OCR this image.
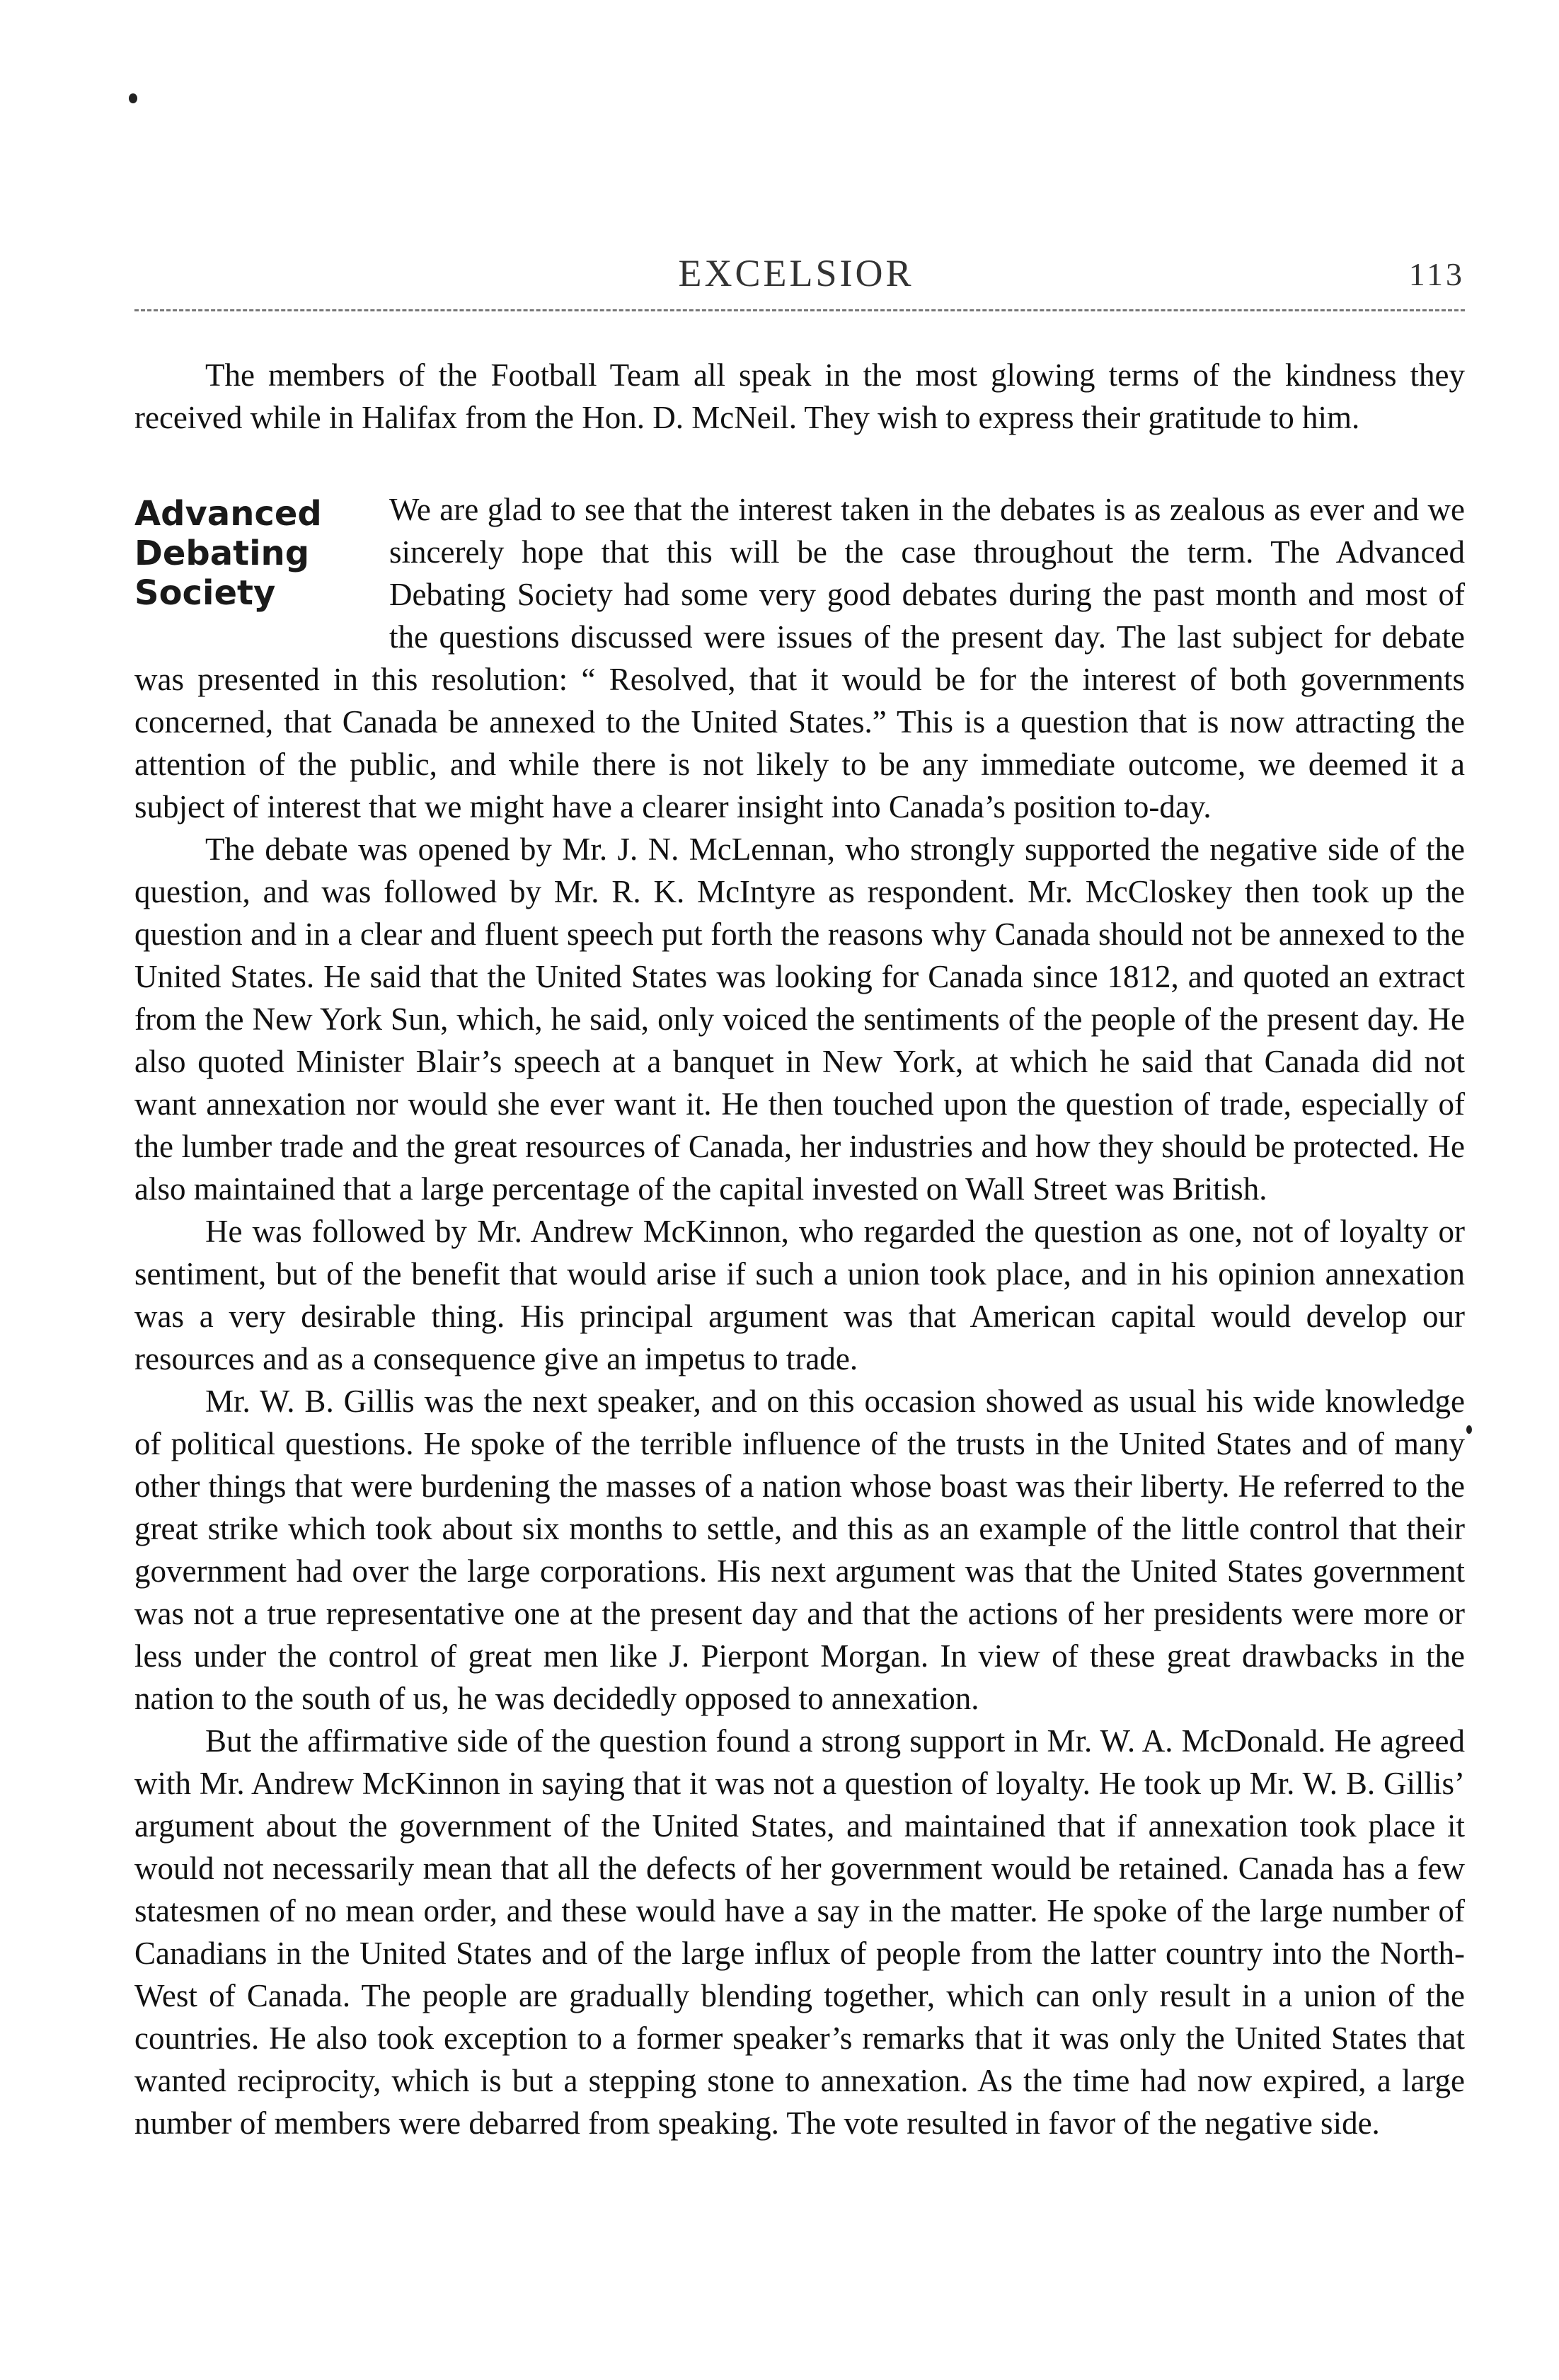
EXCELSIOR	113

The members of the Football Team all speak in the most glowing terms of the kindness they received while in Halifax from the Hon. D. McNeil. They wish to express their gratitude to him.

Advanced
Debating
Society

We are glad to see that the interest taken in the debates is as zealous as ever and we sincerely hope that this will be the case throughout the term. The Advanced Debating Society had some very good debates during the past month and most of the questions discussed were issues of the present day. The last subject for debate was presented in this resolution: “ Resolved, that it would be for the interest of both governments concerned, that Canada be annexed to the United States.” This is a question that is now attracting the attention of the public, and while there is not likely to be any immediate outcome, we deemed it a subject of interest that we might have a clearer insight into Canada’s position to-day.

The debate was opened by Mr. J. N. McLennan, who strongly supported the negative side of the question, and was followed by Mr. R. K. McIntyre as respondent. Mr. McCloskey then took up the question and in a clear and fluent speech put forth the reasons why Canada should not be annexed to the United States. He said that the United States was looking for Canada since 1812, and quoted an extract from the New York Sun, which, he said, only voiced the sentiments of the people of the present day. He also quoted Minister Blair’s speech at a banquet in New York, at which he said that Canada did not want annexation nor would she ever want it. He then touched upon the question of trade, especially of the lumber trade and the great resources of Canada, her industries and how they should be protected. He also maintained that a large percentage of the capital invested on Wall Street was British.

He was followed by Mr. Andrew McKinnon, who regarded the question as one, not of loyalty or sentiment, but of the benefit that would arise if such a union took place, and in his opinion annexation was a very desirable thing. His principal argument was that American capital would develop our resources and as a consequence give an impetus to trade.

Mr. W. B. Gillis was the next speaker, and on this occasion showed as usual his wide knowledge of political questions. He spoke of the terrible influence of the trusts in the United States and of many other things that were burdening the masses of a nation whose boast was their liberty. He referred to the great strike which took about six months to settle, and this as an example of the little control that their government had over the large corporations. His next argument was that the United States government was not a true representative one at the present day and that the actions of her presidents were more or less under the control of great men like J. Pierpont Morgan. In view of these great drawbacks in the nation to the south of us, he was decidedly opposed to annexation.

But the affirmative side of the question found a strong support in Mr. W. A. McDonald. He agreed with Mr. Andrew McKinnon in saying that it was not a question of loyalty. He took up Mr. W. B. Gillis’ argument about the government of the United States, and maintained that if annexation took place it would not necessarily mean that all the defects of her government would be retained. Canada has a few statesmen of no mean order, and these would have a say in the matter. He spoke of the large number of Canadians in the United States and of the large influx of people from the latter country into the North-West of Canada. The people are gradually blending together, which can only result in a union of the countries. He also took exception to a former speaker’s remarks that it was only the United States that wanted reciprocity, which is but a stepping stone to annexation. As the time had now expired, a large number of members were debarred from speaking. The vote resulted in favor of the negative side.
